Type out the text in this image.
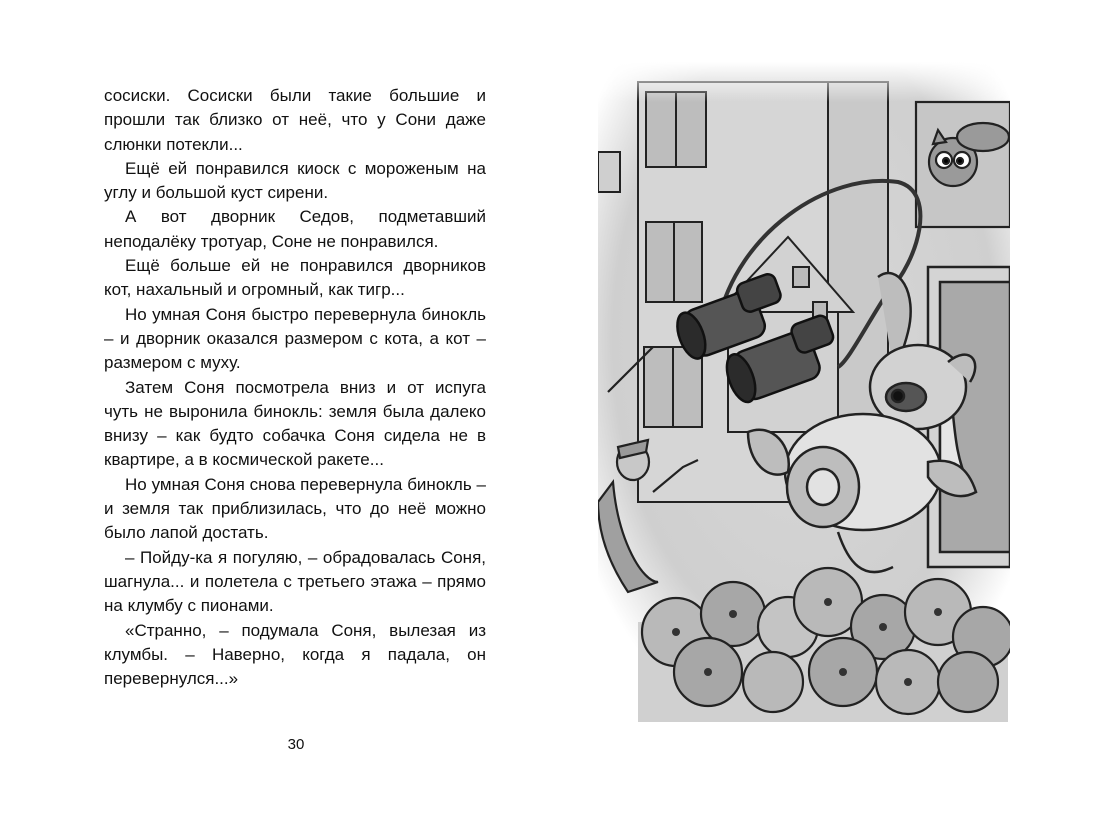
сосиски. Сосиски были такие большие и прошли так близко от неё, что у Сони даже слюнки потекли...

Ещё ей понравился киоск с мороженым на углу и большой куст сирени.

А вот дворник Седов, подметавший неподалёку тротуар, Соне не понравился.

Ещё больше ей не понравился дворников кот, нахальный и огромный, как тигр...

Но умная Соня быстро перевернула бинокль – и дворник оказался размером с кота, а кот – размером с муху.

Затем Соня посмотрела вниз и от испуга чуть не выронила бинокль: земля была далеко внизу – как будто собачка Соня сидела не в квартире, а в космической ракете...

Но умная Соня снова перевернула бинокль – и земля так приблизилась, что до неё можно было лапой достать.

– Пойду-ка я погуляю, – обрадовалась Соня, шагнула... и полетела с третьего этажа – прямо на клумбу с пионами.

«Странно, – подумала Соня, вылезая из клумбы. – Наверно, когда я падала, он перевернулся...»

30
